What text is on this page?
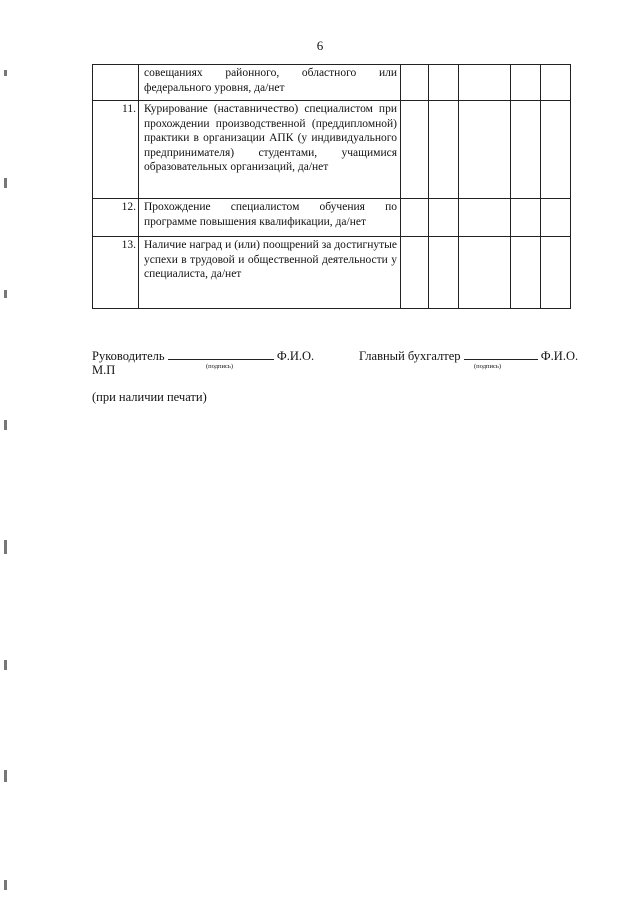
6

	совещаниях районного, областного или федерального уровня, да/нет					

11.	Курирование (наставничество) специалистом при прохождении производственной (преддипломной) практики в организации АПК (у индивидуального предпринимателя) студентами, учащимися образовательных организаций, да/нет					

12.	Прохождение специалистом обучения по программе повышения квалификации, да/нет					

13.	Наличие наград и (или) поощрений за достигнутые успехи в трудовой и общественной деятельности у специалиста, да/нет					

Руководитель	Ф.И.О.
(подпись)
М.П
Главный бухгалтер	Ф.И.О.
(подпись)
(при наличии печати)
